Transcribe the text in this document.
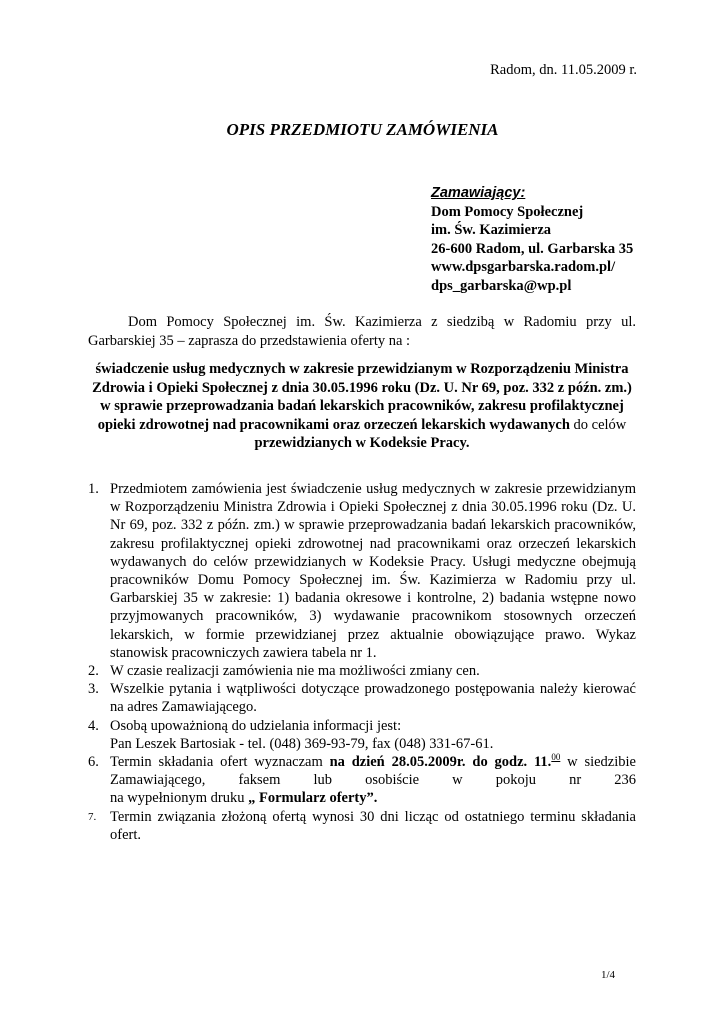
Radom, dn. 11.05.2009 r.
OPIS PRZEDMIOTU ZAMÓWIENIA
Zamawiający:
Dom Pomocy Społecznej
im. Św. Kazimierza
26-600 Radom, ul. Garbarska 35
www.dpsgarbarska.radom.pl/
dps_garbarska@wp.pl
Dom Pomocy Społecznej im. Św. Kazimierza z siedzibą w Radomiu przy ul. Garbarskiej 35 – zaprasza do przedstawienia oferty na :
świadczenie usług medycznych w zakresie przewidzianym w Rozporządzeniu Ministra Zdrowia i Opieki Społecznej z dnia 30.05.1996 roku (Dz. U. Nr 69, poz. 332 z późn. zm.) w sprawie przeprowadzania badań lekarskich pracowników, zakresu profilaktycznej opieki zdrowotnej nad pracownikami oraz orzeczeń lekarskich wydawanych do celów przewidzianych w Kodeksie Pracy.
1. Przedmiotem zamówienia jest świadczenie usług medycznych w zakresie przewidzianym w Rozporządzeniu Ministra Zdrowia i Opieki Społecznej z dnia 30.05.1996 roku (Dz. U. Nr 69, poz. 332 z późn. zm.) w sprawie przeprowadzania badań lekarskich pracowników, zakresu profilaktycznej opieki zdrowotnej nad pracownikami oraz orzeczeń lekarskich wydawanych do celów przewidzianych w Kodeksie Pracy. Usługi medyczne obejmują pracowników Domu Pomocy Społecznej im. Św. Kazimierza w Radomiu przy ul. Garbarskiej 35 w zakresie: 1) badania okresowe i kontrolne, 2) badania wstępne nowo przyjmowanych pracowników, 3) wydawanie pracownikom stosownych orzeczeń lekarskich, w formie przewidzianej przez aktualnie obowiązujące prawo. Wykaz stanowisk pracowniczych zawiera tabela nr 1.
2. W czasie realizacji zamówienia nie ma możliwości zmiany cen.
3. Wszelkie pytania i wątpliwości dotyczące prowadzonego postępowania należy kierować na adres Zamawiającego.
4. Osobą upoważnioną do udzielania informacji jest:
Pan Leszek Bartosiak - tel. (048) 369-93-79, fax (048) 331-67-61.
6. Termin składania ofert wyznaczam na dzień 28.05.2009r. do godz. 11.00 w siedzibie Zamawiającego, faksem lub osobiście w pokoju nr 236
na wypełnionym druku „ Formularz oferty”.
7. Termin związania złożoną ofertą wynosi 30 dni licząc od ostatniego terminu składania ofert.
1/4
